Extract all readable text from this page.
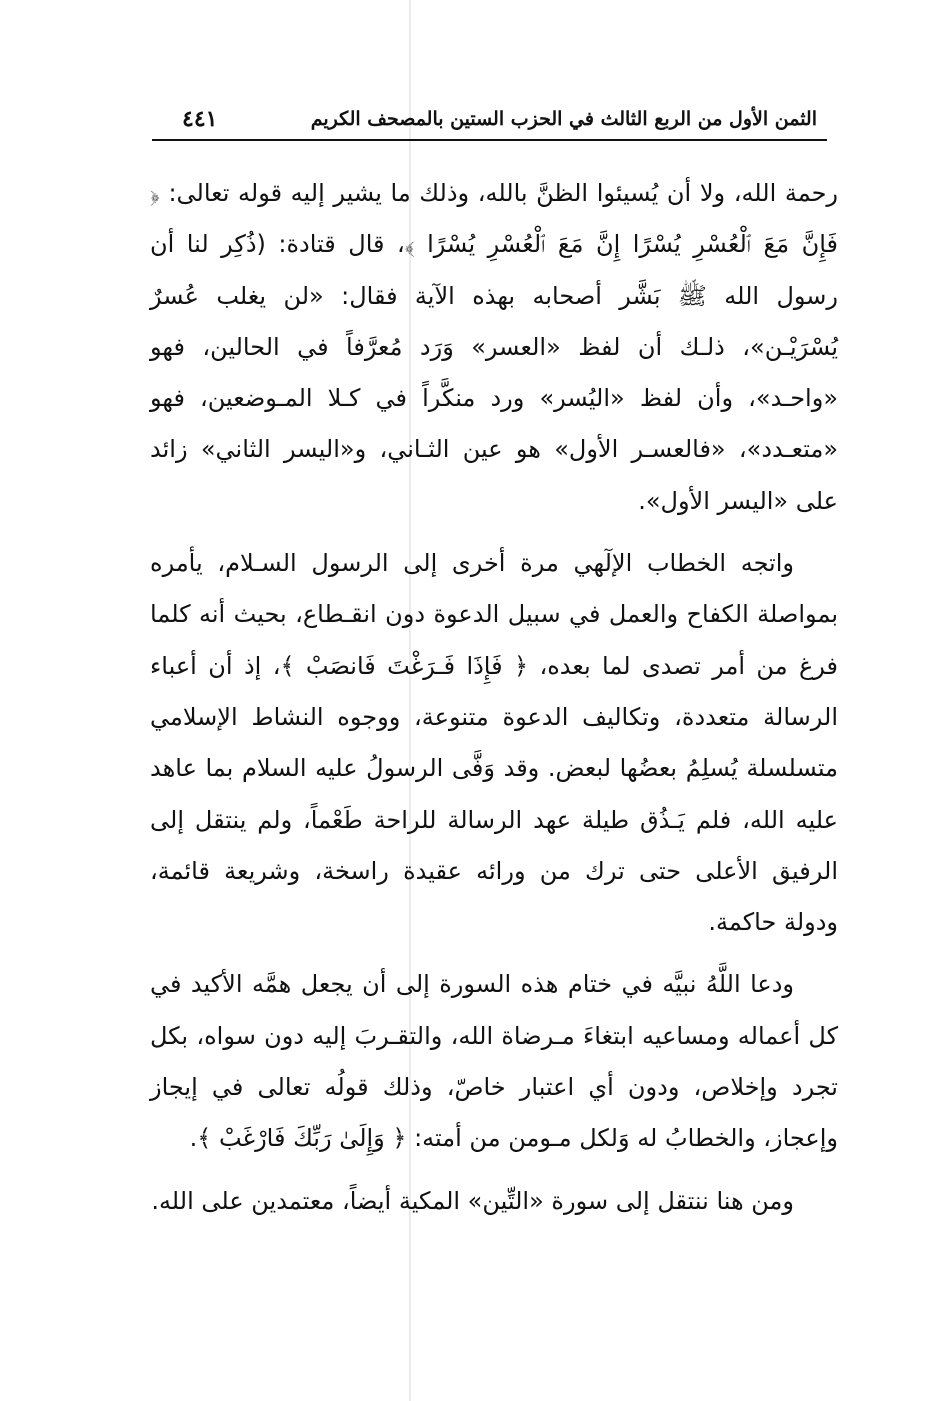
الثمن الأول من الربع الثالث في الحزب الستين بالمصحف الكريم
٤٤١

رحمة الله، ولا أن يُسيئوا الظنَّ بالله، وذلك ما يشير إليه قوله تعالى: ﴿ فَإِنَّ مَعَ ٱلْعُسْرِ يُسْرًا إِنَّ مَعَ ٱلْعُسْرِ يُسْرًا ﴾، قال قتادة: (ذُكِر لنا أن رسول الله ﷺ بَشَّر أصحابه بهذه الآية فقال: «لن يغلب عُسرٌ يُسْرَيْـن»، ذلـك أن لفظ «العسر» وَرَد مُعرَّفاً في الحالين، فهو «واحـد»، وأن لفظ «اليُسر» ورد منكَّراً في كـلا المـوضعين، فهو «متعـدد»، «فالعسـر الأول» هو عين الثـاني، و«اليسر الثاني» زائد على «اليسر الأول».

واتجه الخطاب الإلٓهي مرة أخرى إلى الرسول السـلام، يأمره بمواصلة الكفاح والعمل في سبيل الدعوة دون انقـطاع، بحيث أنه كلما فرغ من أمر تصدى لما بعده، ﴿ فَإِذَا فَـرَغْتَ فَانصَبْ ﴾، إذ أن أعباء الرسالة متعددة، وتكاليف الدعوة متنوعة، ووجوه النشاط الإسلامي متسلسلة يُسلِمُ بعضُها لبعض. وقد وَفَّى الرسولُ عليه السلام بما عاهد عليه الله، فلم يَـذُق طيلة عهد الرسالة للراحة طَعْماً، ولم ينتقل إلى الرفيق الأعلى حتى ترك من ورائه عقيدة راسخة، وشريعة قائمة، ودولة حاكمة.

ودعا اللَّهُ نبيَّه في ختام هذه السورة إلى أن يجعل همَّه الأكيد في كل أعماله ومساعيه ابتغاءَ مـرضاة الله، والتقـربَ إليه دون سواه، بكل تجرد وإخلاص، ودون أي اعتبار خاصّ، وذلك قولُه تعالى في إيجاز وإعجاز، والخطابُ له وَلكل مـومن من أمته: ﴿ وَإِلَىٰ رَبِّكَ فَارْغَبْ ﴾.

ومن هنا ننتقل إلى سورة «التِّين» المكية أيضاً، معتمدين على الله.
